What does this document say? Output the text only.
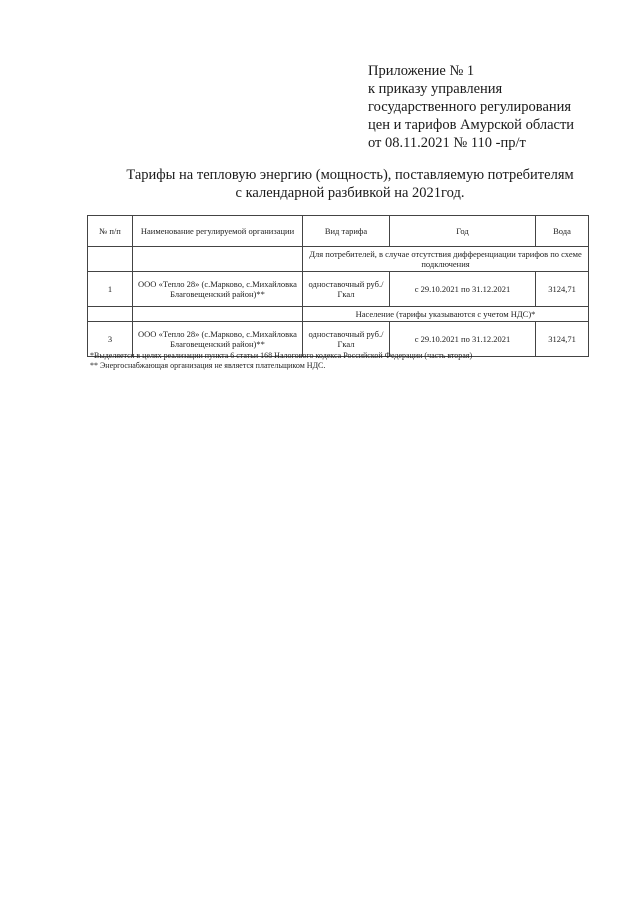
Приложение № 1
к приказу управления
государственного регулирования
цен и тарифов Амурской области
от 08.11.2021 № 110 -пр/т
Тарифы на тепловую энергию (мощность), поставляемую потребителям
с календарной разбивкой на 2021год.
№ п/п	Наименование регулируемой организации	Вид тарифа	Год	Вода
		Для потребителей, в случае отсутствия дифференциации тарифов по схеме подключения		
1	ООО «Тепло 28» (с.Марково, с.Михайловка Благовещенский район)**	одноставочный руб./Гкал	с 29.10.2021 по 31.12.2021	3124,71
		Население (тарифы указываются с учетом НДС)*		
3	ООО «Тепло 28» (с.Марково, с.Михайловка Благовещенский район)**	одноставочный руб./Гкал	с 29.10.2021 по 31.12.2021	3124,71
*Выделяется в целях реализации пункта 6 статьи 168 Налогового кодекса Российской Федерации (часть вторая)
** Энергоснабжающая организация не является плательщиком НДС.
